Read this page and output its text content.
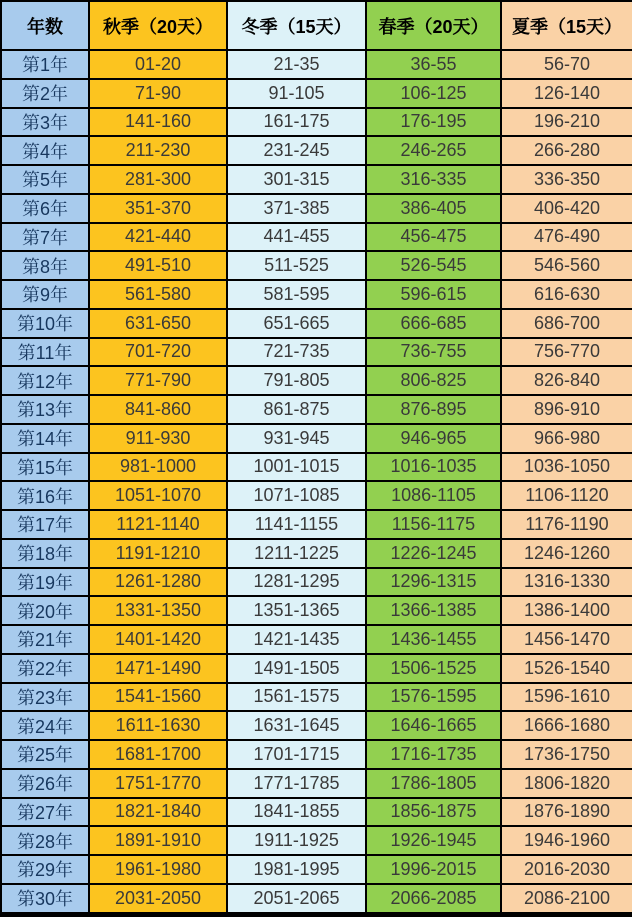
年数	秋季（20天）	冬季（15天）	春季（20天）	夏季（15天）
第1年	01-20	21-35	36-55	56-70
第2年	71-90	91-105	106-125	126-140
第3年	141-160	161-175	176-195	196-210
第4年	211-230	231-245	246-265	266-280
第5年	281-300	301-315	316-335	336-350
第6年	351-370	371-385	386-405	406-420
第7年	421-440	441-455	456-475	476-490
第8年	491-510	511-525	526-545	546-560
第9年	561-580	581-595	596-615	616-630
第10年	631-650	651-665	666-685	686-700
第11年	701-720	721-735	736-755	756-770
第12年	771-790	791-805	806-825	826-840
第13年	841-860	861-875	876-895	896-910
第14年	911-930	931-945	946-965	966-980
第15年	981-1000	1001-1015	1016-1035	1036-1050
第16年	1051-1070	1071-1085	1086-1105	1106-1120
第17年	1121-1140	1141-1155	1156-1175	1176-1190
第18年	1191-1210	1211-1225	1226-1245	1246-1260
第19年	1261-1280	1281-1295	1296-1315	1316-1330
第20年	1331-1350	1351-1365	1366-1385	1386-1400
第21年	1401-1420	1421-1435	1436-1455	1456-1470
第22年	1471-1490	1491-1505	1506-1525	1526-1540
第23年	1541-1560	1561-1575	1576-1595	1596-1610
第24年	1611-1630	1631-1645	1646-1665	1666-1680
第25年	1681-1700	1701-1715	1716-1735	1736-1750
第26年	1751-1770	1771-1785	1786-1805	1806-1820
第27年	1821-1840	1841-1855	1856-1875	1876-1890
第28年	1891-1910	1911-1925	1926-1945	1946-1960
第29年	1961-1980	1981-1995	1996-2015	2016-2030
第30年	2031-2050	2051-2065	2066-2085	2086-2100
